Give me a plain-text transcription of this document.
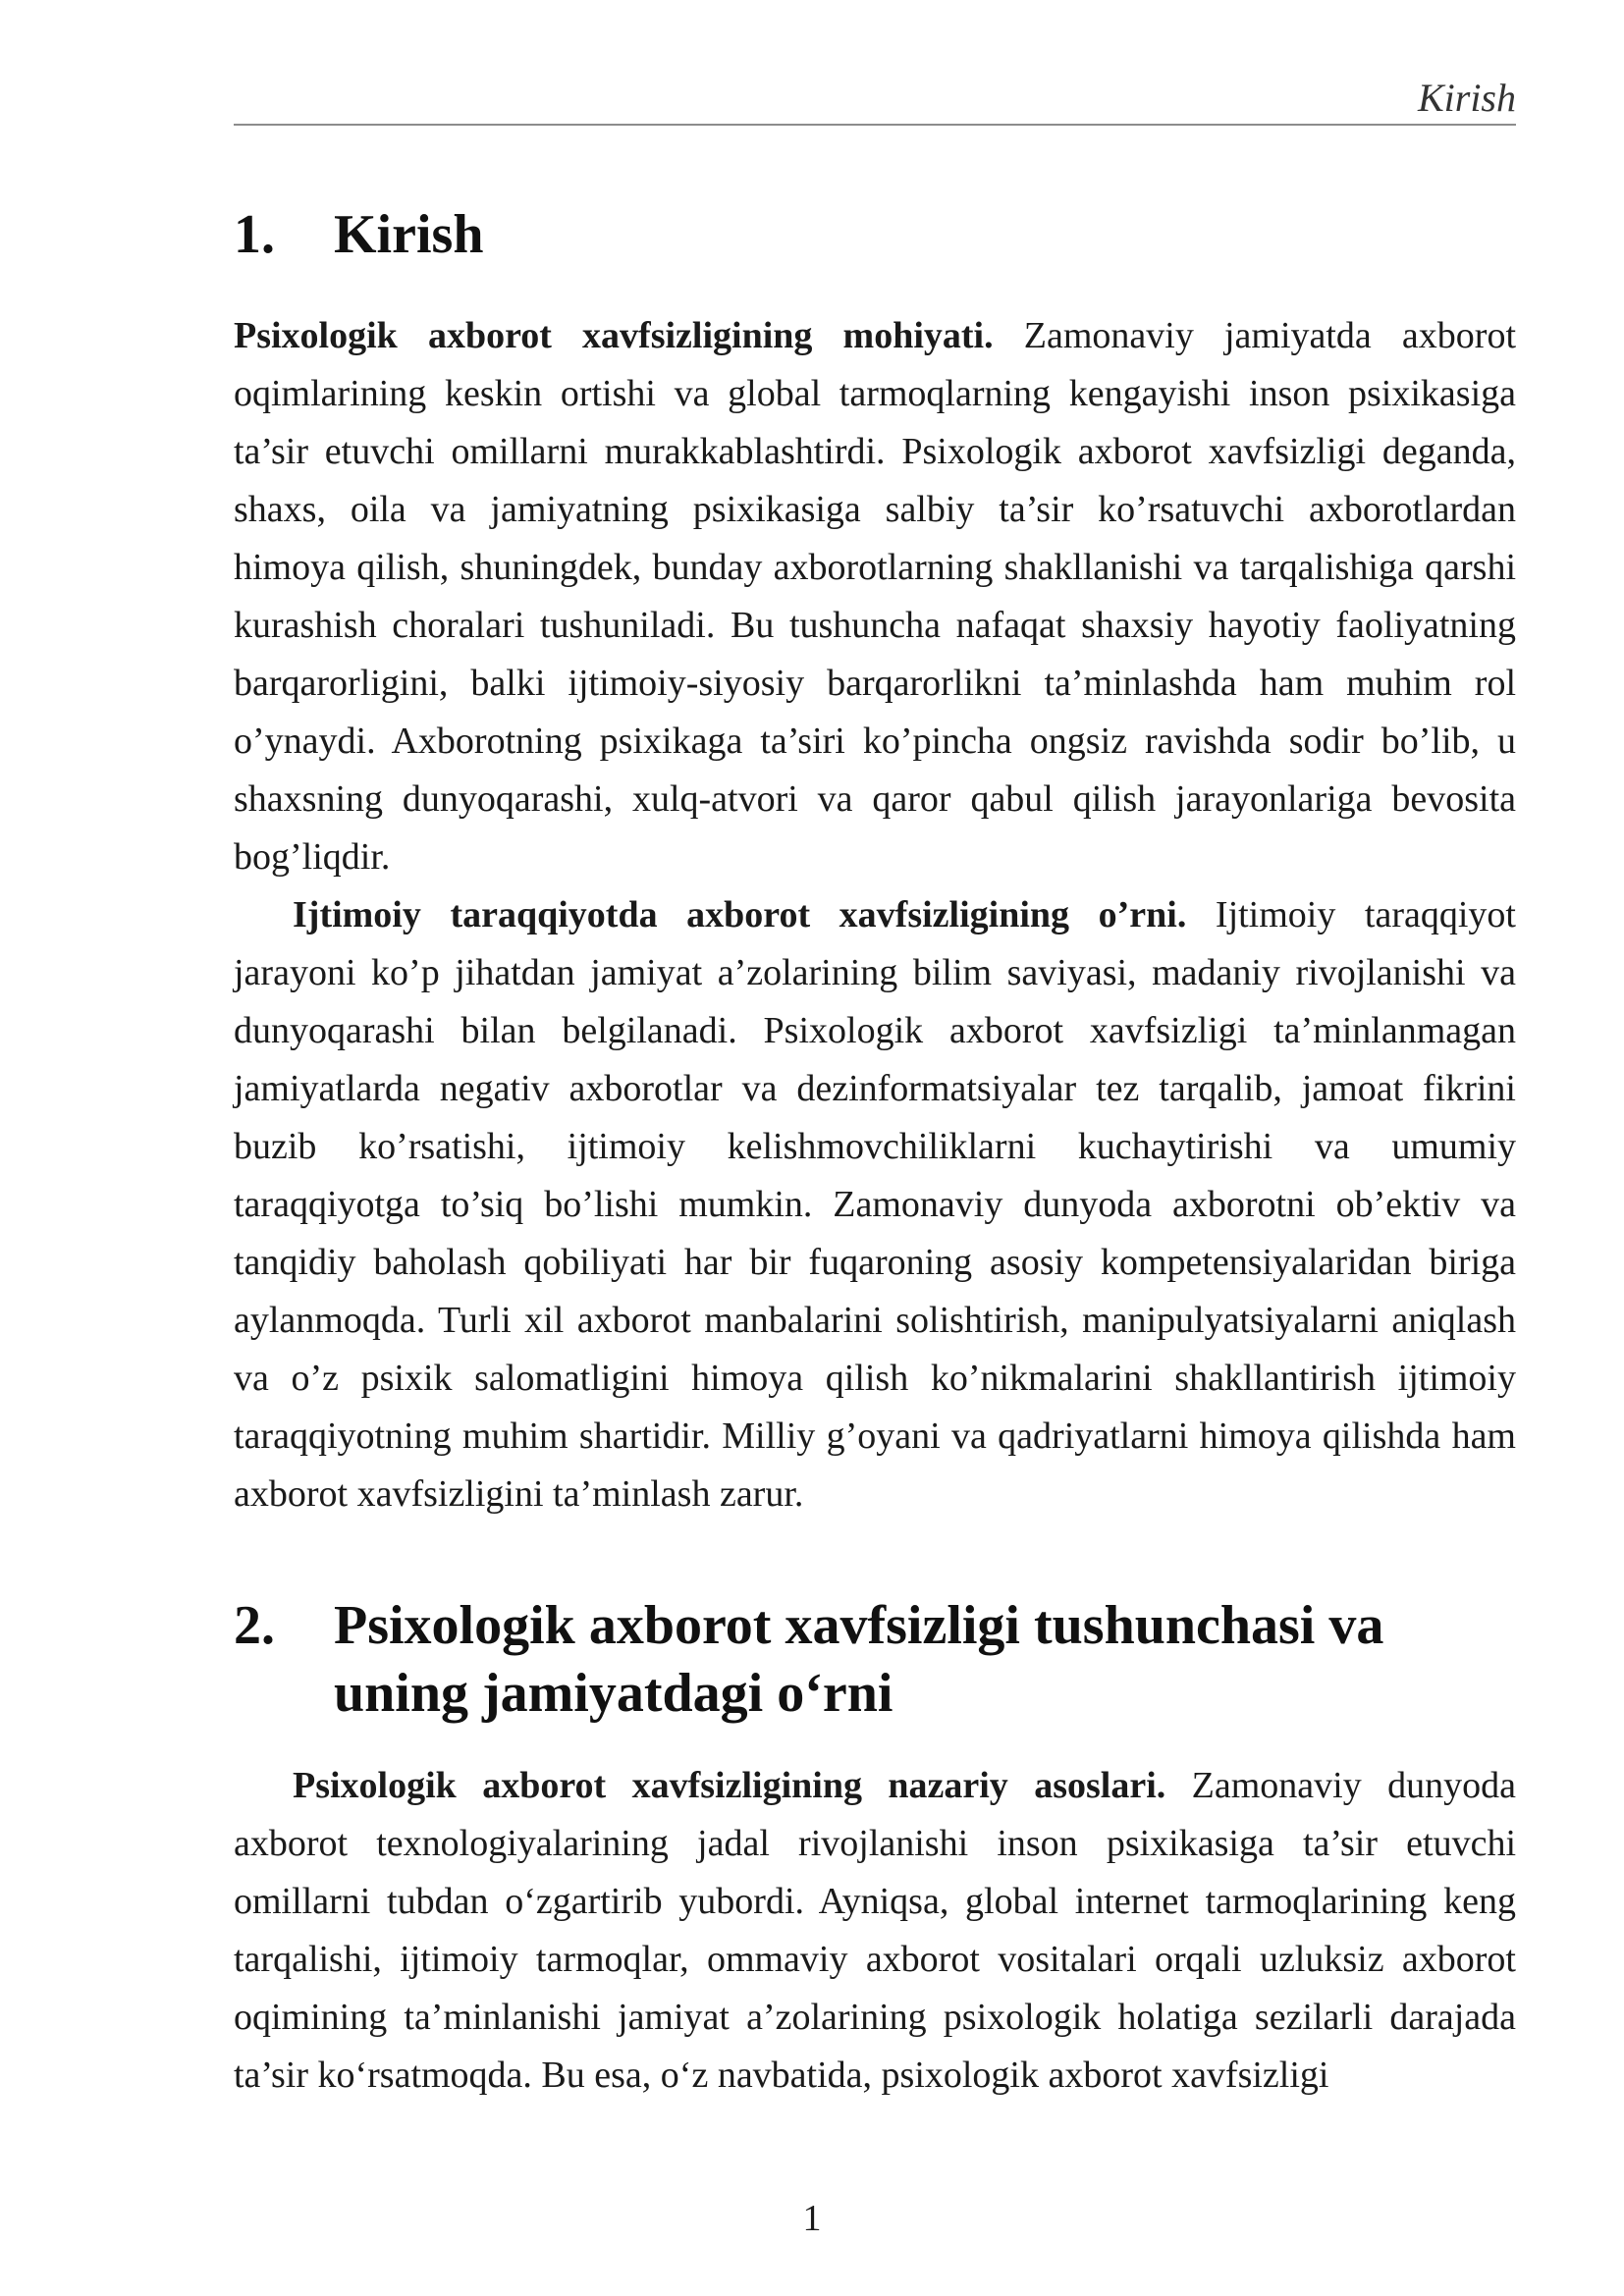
Kirish
1.	Kirish

Psixologik axborot xavfsizligining mohiyati. Zamonaviy jamiyatda axborot oqimlarining keskin ortishi va global tarmoqlarning kengayishi inson psixikasiga ta’sir etuvchi omillarni murakkablashtirdi. Psixologik axborot xavfsizligi deganda, shaxs, oila va jamiyatning psixikasiga salbiy ta’sir ko’rsatuvchi axborotlardan himoya qilish, shuningdek, bunday axborotlarning shakllanishi va tarqalishiga qarshi kurashish choralari tushuniladi. Bu tushuncha nafaqat shaxsiy hayotiy faoliyatning barqarorligini, balki ijtimoiy-siyosiy barqarorlikni ta’minlashda ham muhim rol o’ynaydi. Axborotning psixikaga ta’siri ko’pincha ongsiz ravishda sodir bo’lib, u shaxsning dunyoqarashi, xulq-atvori va qaror qabul qilish jarayonlariga bevosita bog’liqdir.

Ijtimoiy taraqqiyotda axborot xavfsizligining o’rni. Ijtimoiy taraqqiyot jarayoni ko’p jihatdan jamiyat a’zolarining bilim saviyasi, madaniy rivojlanishi va dunyoqarashi bilan belgilanadi. Psixologik axborot xavfsizligi ta’minlanmagan jamiyatlarda negativ axborotlar va dezinformatsiyalar tez tarqalib, jamoat fikrini buzib ko’rsatishi, ijtimoiy kelishmovchiliklarni kuchaytirishi va umumiy taraqqiyotga to’siq bo’lishi mumkin. Zamonaviy dunyoda axborotni ob’ektiv va tanqidiy baholash qobiliyati har bir fuqaroning asosiy kompetensiyalaridan biriga aylanmoqda. Turli xil axborot manbalarini solishtirish, manipulyatsiyalarni aniqlash va o’z psixik salomatligini himoya qilish ko’nikmalarini shakllantirish ijtimoiy taraqqiyotning muhim shartidir. Milliy g’oyani va qadriyatlarni himoya qilishda ham axborot xavfsizligini ta’minlash zarur.

2.	Psixologik axborot xavfsizligi tushunchasi va uning jamiyatdagi o‘rni

Psixologik axborot xavfsizligining nazariy asoslari. Zamonaviy dunyoda axborot texnologiyalarining jadal rivojlanishi inson psixikasiga ta’sir etuvchi omillarni tubdan o‘zgartirib yubordi. Ayniqsa, global internet tarmoqlarining keng tarqalishi, ijtimoiy tarmoqlar, ommaviy axborot vositalari orqali uzluksiz axborot oqimining ta’minlanishi jamiyat a’zolarining psixologik holatiga sezilarli darajada ta’sir ko‘rsatmoqda. Bu esa, o‘z navbatida, psixologik axborot xavfsizligi

1
